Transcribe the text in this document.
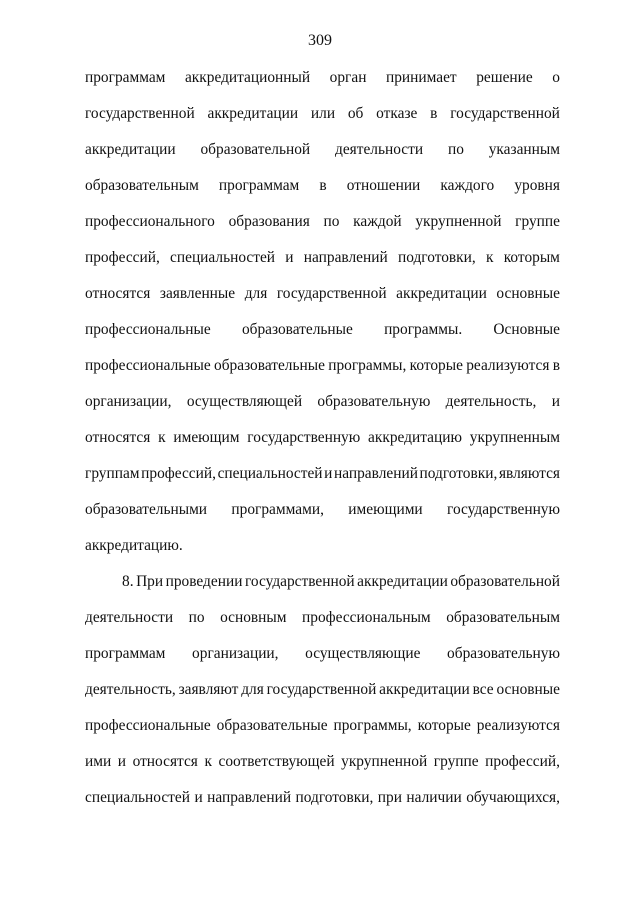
309
программам аккредитационный орган принимает решение о
государственной аккредитации или об отказе в государственной
аккредитации образовательной деятельности по указанным
образовательным программам в отношении каждого уровня
профессионального образования по каждой укрупненной группе
профессий, специальностей и направлений подготовки, к которым
относятся заявленные для государственной аккредитации основные
профессиональные образовательные программы. Основные
профессиональные образовательные программы, которые реализуются в
организации, осуществляющей образовательную деятельность, и
относятся к имеющим государственную аккредитацию укрупненным
группам профессий, специальностей и направлений подготовки, являются
образовательными программами, имеющими государственную
аккредитацию.
8. При проведении государственной аккредитации образовательной
деятельности по основным профессиональным образовательным
программам организации, осуществляющие образовательную
деятельность, заявляют для государственной аккредитации все основные
профессиональные образовательные программы, которые реализуются
ими и относятся к соответствующей укрупненной группе профессий,
специальностей и направлений подготовки, при наличии обучающихся,
